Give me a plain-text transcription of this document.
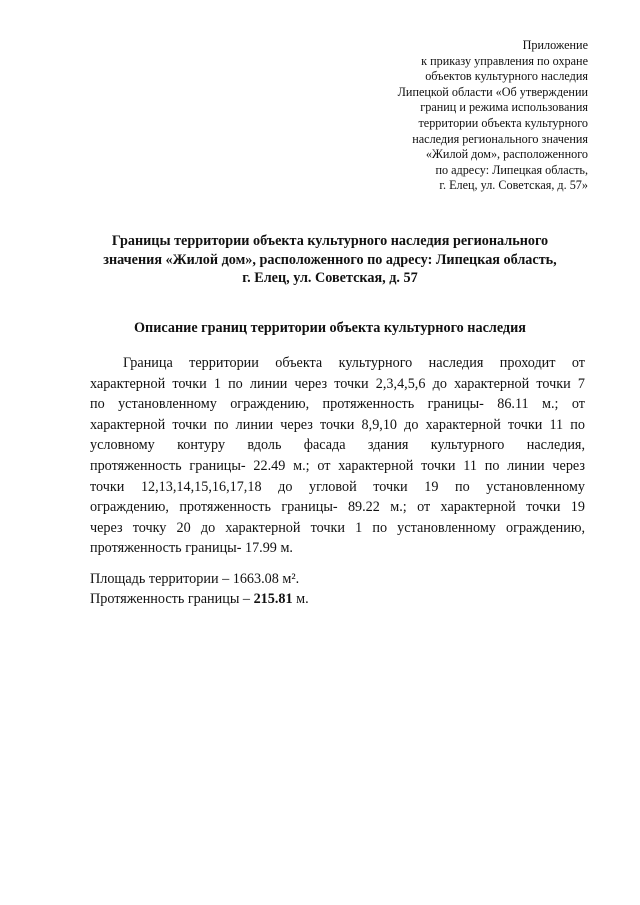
Приложение
к приказу управления по охране
объектов культурного наследия
Липецкой области «Об утверждении
границ и режима использования
территории объекта культурного
наследия регионального значения
«Жилой дом», расположенного
по адресу: Липецкая область,
г. Елец, ул. Советская, д. 57»
Границы территории объекта культурного наследия регионального
значения «Жилой дом», расположенного по адресу: Липецкая область,
г. Елец, ул. Советская, д. 57
Описание границ территории объекта культурного наследия
Граница территории объекта культурного наследия проходит от
характерной точки 1 по линии через точки 2,3,4,5,6 до характерной точки 7
по установленному ограждению, протяженность границы- 86.11 м.; от
характерной точки по линии через точки 8,9,10 до характерной точки 11 по
условному контуру вдоль фасада здания культурного наследия,
протяженность границы- 22.49 м.; от характерной точки 11 по линии через
точки 12,13,14,15,16,17,18 до угловой точки 19 по установленному
ограждению, протяженность границы- 89.22 м.; от характерной точки 19
через точку 20 до характерной точки 1 по установленному ограждению,
протяженность границы- 17.99 м.
Площадь территории – 1663.08 м².
Протяженность границы – 215.81 м.
